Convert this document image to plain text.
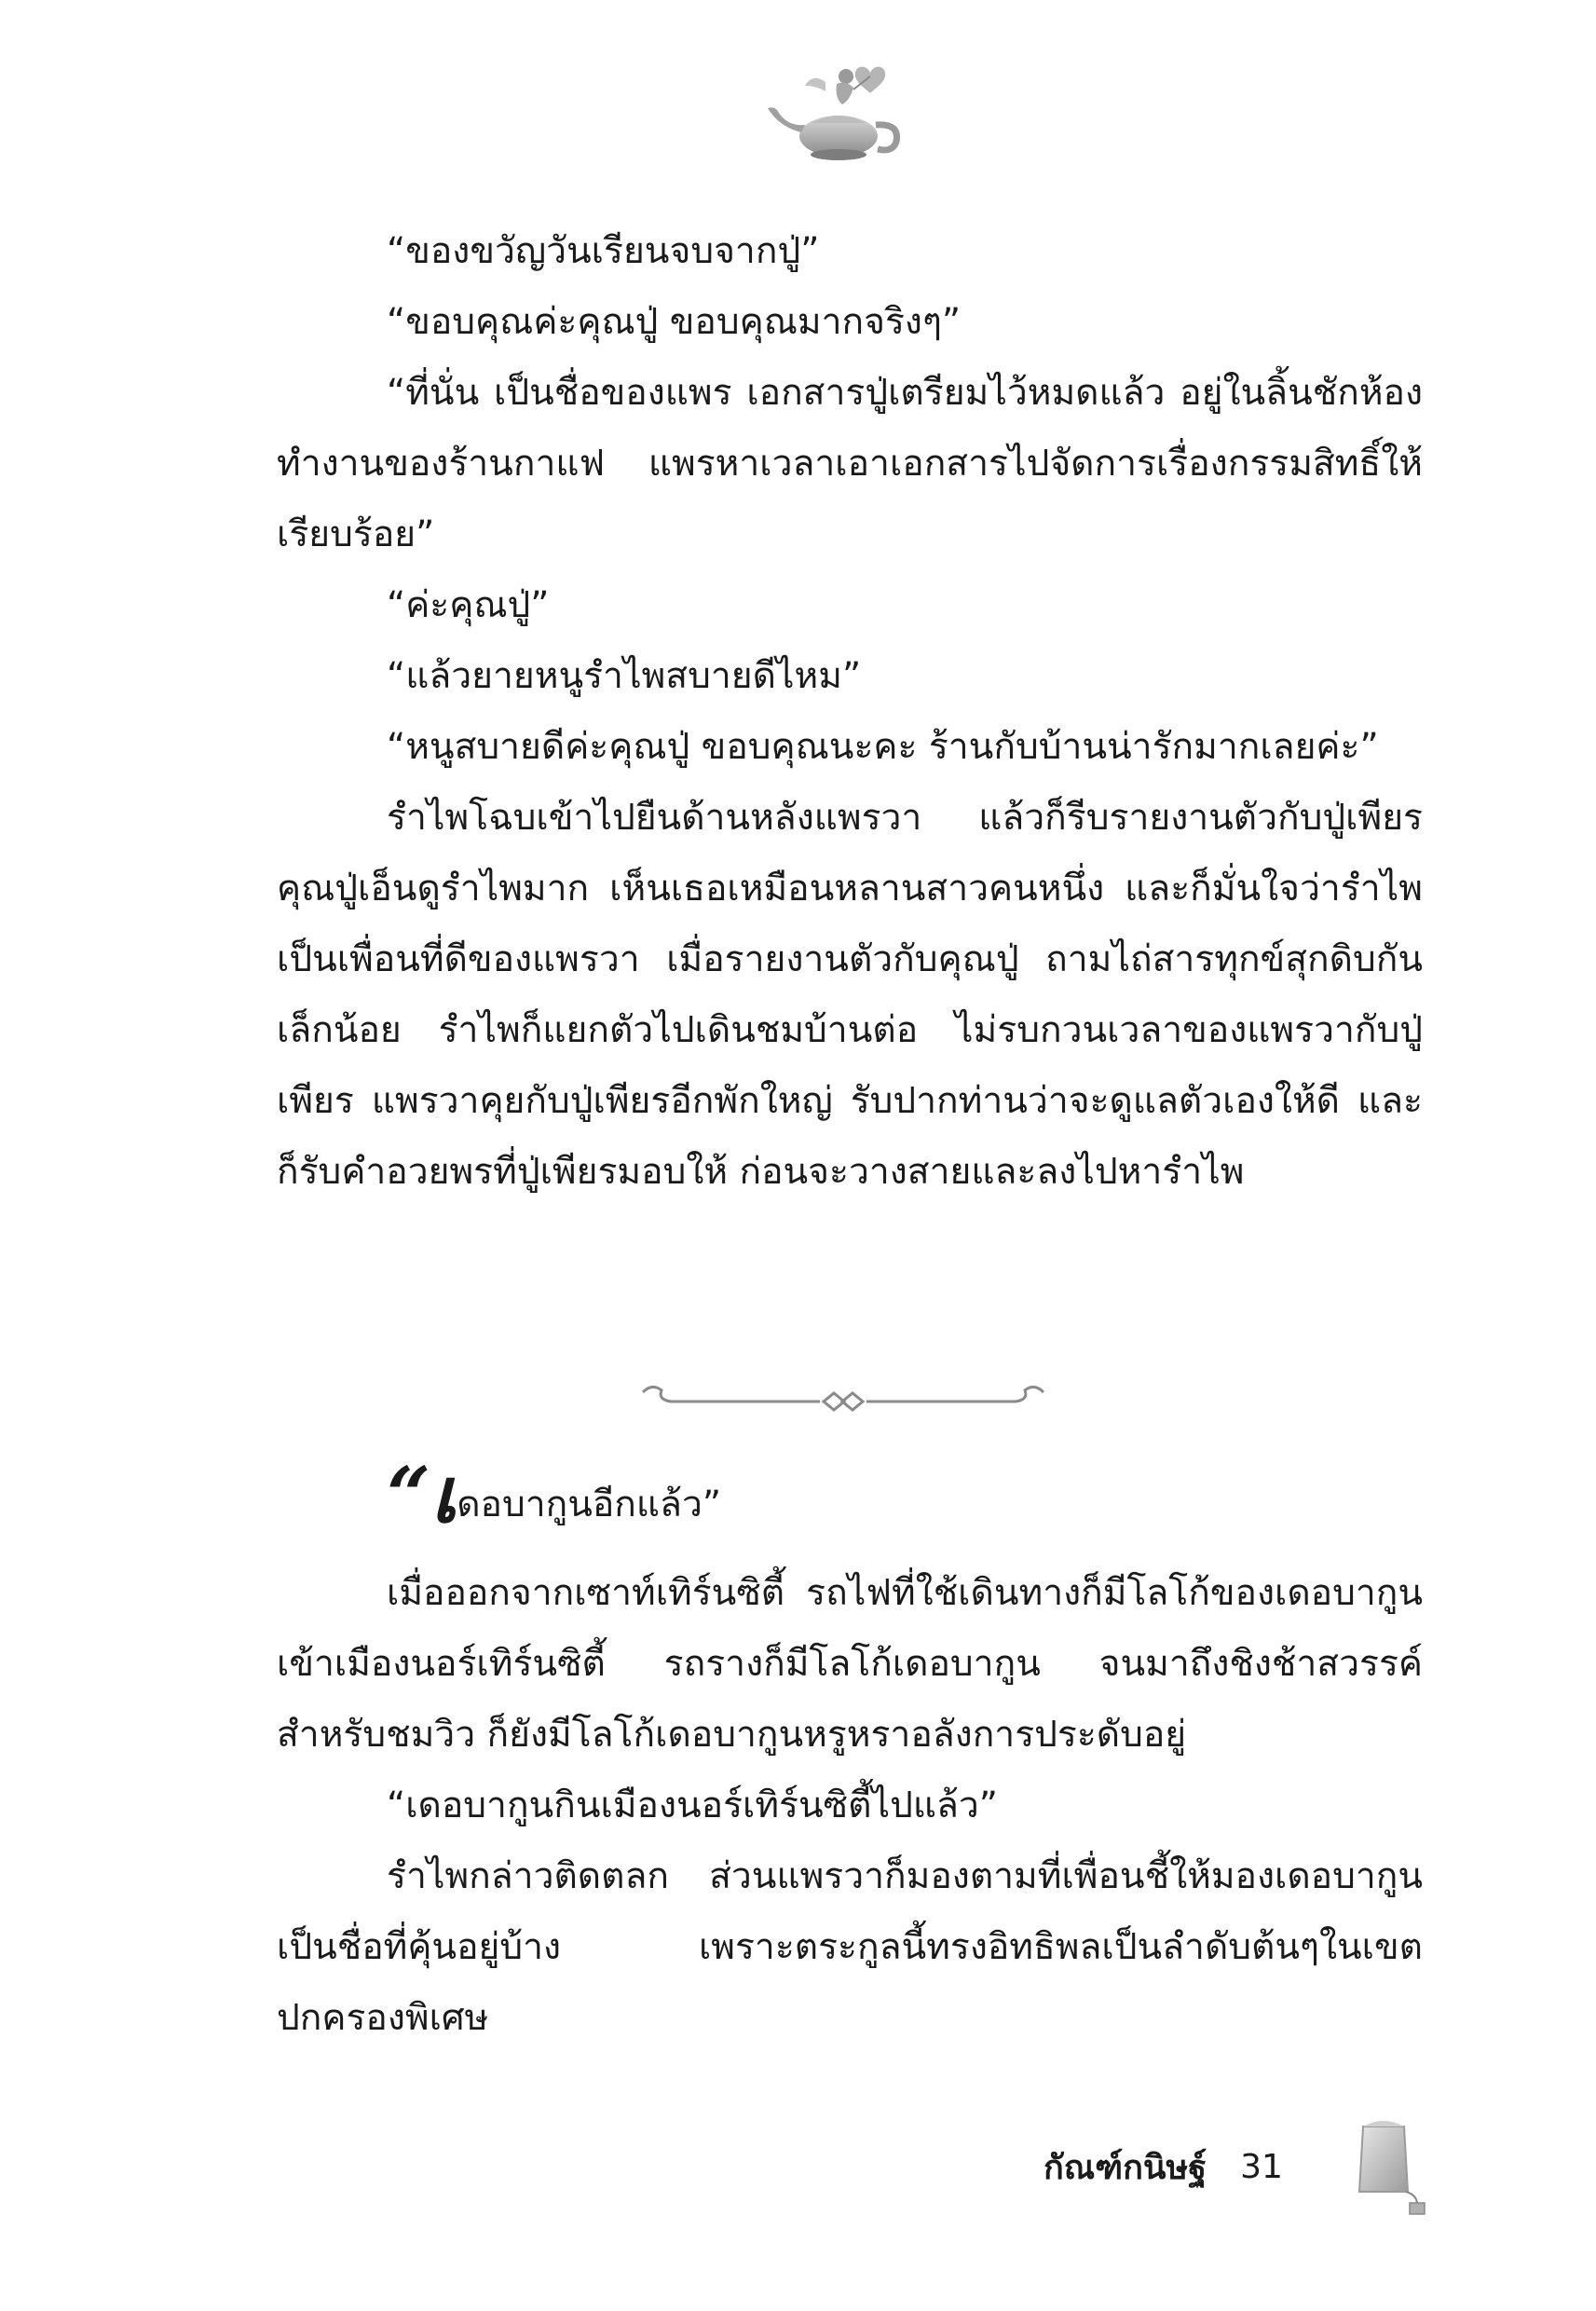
“ของขวัญวันเรียนจบจากปู่”

“ขอบคุณค่ะคุณปู่ ขอบคุณมากจริงๆ”

“ที่นั่น เป็นชื่อของแพร เอกสารปู่เตรียมไว้หมดแล้ว อยู่ในลิ้นชักห้องทำงานของร้านกาแฟ แพรหาเวลาเอาเอกสารไปจัดการเรื่องกรรมสิทธิ์ให้เรียบร้อย”

“ค่ะคุณปู่”

“แล้วยายหนูรำไพสบายดีไหม”

“หนูสบายดีค่ะคุณปู่ ขอบคุณนะคะ ร้านกับบ้านน่ารักมากเลยค่ะ”

รำไพโฉบเข้าไปยืนด้านหลังแพรวา แล้วก็รีบรายงานตัวกับปู่เพียร คุณปู่เอ็นดูรำไพมาก เห็นเธอเหมือนหลานสาวคนหนึ่ง และก็มั่นใจว่ารำไพเป็นเพื่อนที่ดีของแพรวา เมื่อรายงานตัวกับคุณปู่ ถามไถ่สารทุกข์สุกดิบกันเล็กน้อย รำไพก็แยกตัวไปเดินชมบ้านต่อ ไม่รบกวนเวลาของแพรวากับปู่เพียร แพรวาคุยกับปู่เพียรอีกพักใหญ่ รับปากท่านว่าจะดูแลตัวเองให้ดี และก็รับคำอวยพรที่ปู่เพียรมอบให้ ก่อนจะวางสายและลงไปหารำไพ

“เดอบากูนอีกแล้ว”

เมื่อออกจากเซาท์เทิร์นซิตี้ รถไฟที่ใช้เดินทางก็มีโลโก้ของเดอบากูน เข้าเมืองนอร์เทิร์นซิตี้ รถรางก็มีโลโก้เดอบากูน จนมาถึงชิงช้าสวรรค์สำหรับชมวิว ก็ยังมีโลโก้เดอบากูนหรูหราอลังการประดับอยู่

“เดอบากูนกินเมืองนอร์เทิร์นซิตี้ไปแล้ว”

รำไพกล่าวติดตลก ส่วนแพรวาก็มองตามที่เพื่อนชี้ให้มองเดอบากูนเป็นชื่อที่คุ้นอยู่บ้าง เพราะตระกูลนี้ทรงอิทธิพลเป็นลำดับต้นๆในเขตปกครองพิเศษ

กัณฑ์กนิษฐ์ 31
